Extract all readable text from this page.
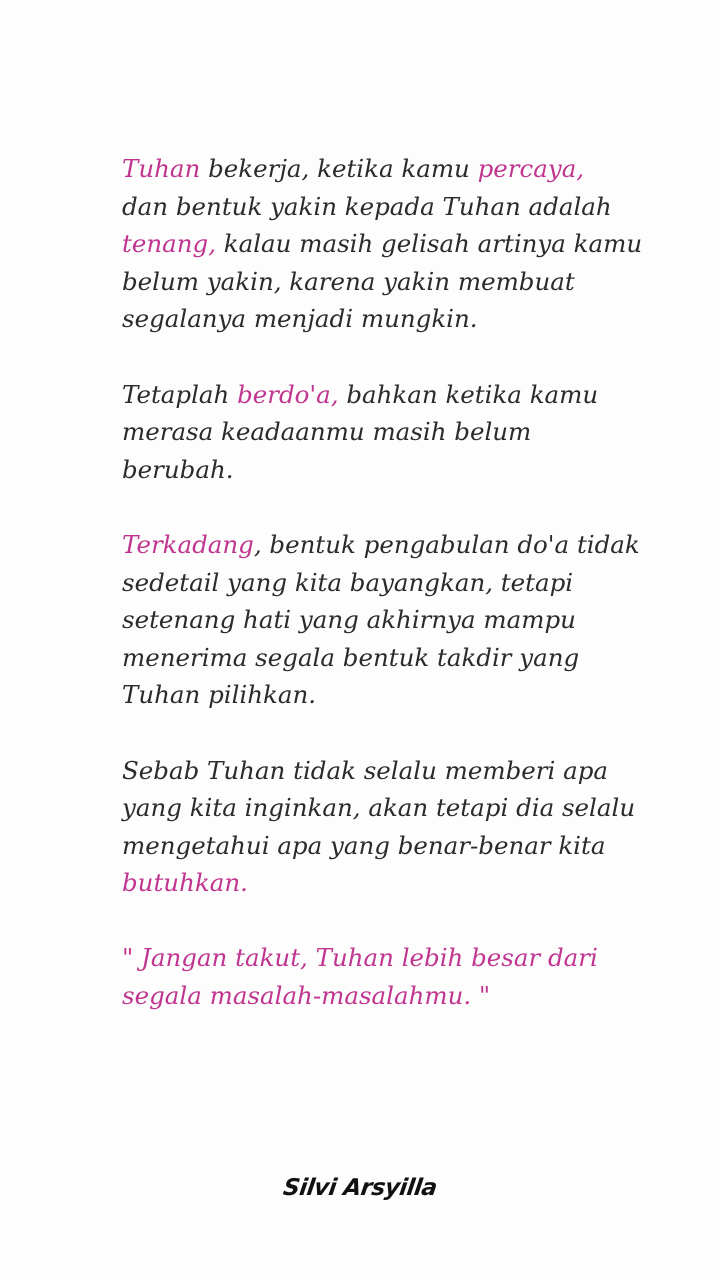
Tuhan bekerja, ketika kamu percaya,
dan bentuk yakin kepada Tuhan adalah
tenang, kalau masih gelisah artinya kamu
belum yakin, karena yakin membuat
segalanya menjadi mungkin.
Tetaplah berdo'a, bahkan ketika kamu
merasa keadaanmu masih belum
berubah.
Terkadang, bentuk pengabulan do'a tidak
sedetail yang kita bayangkan, tetapi
setenang hati yang akhirnya mampu
menerima segala bentuk takdir yang
Tuhan pilihkan.
Sebab Tuhan tidak selalu memberi apa
yang kita inginkan, akan tetapi dia selalu
mengetahui apa yang benar-benar kita
butuhkan.
" Jangan takut, Tuhan lebih besar dari
segala masalah-masalahmu. "
Silvi Arsyilla
